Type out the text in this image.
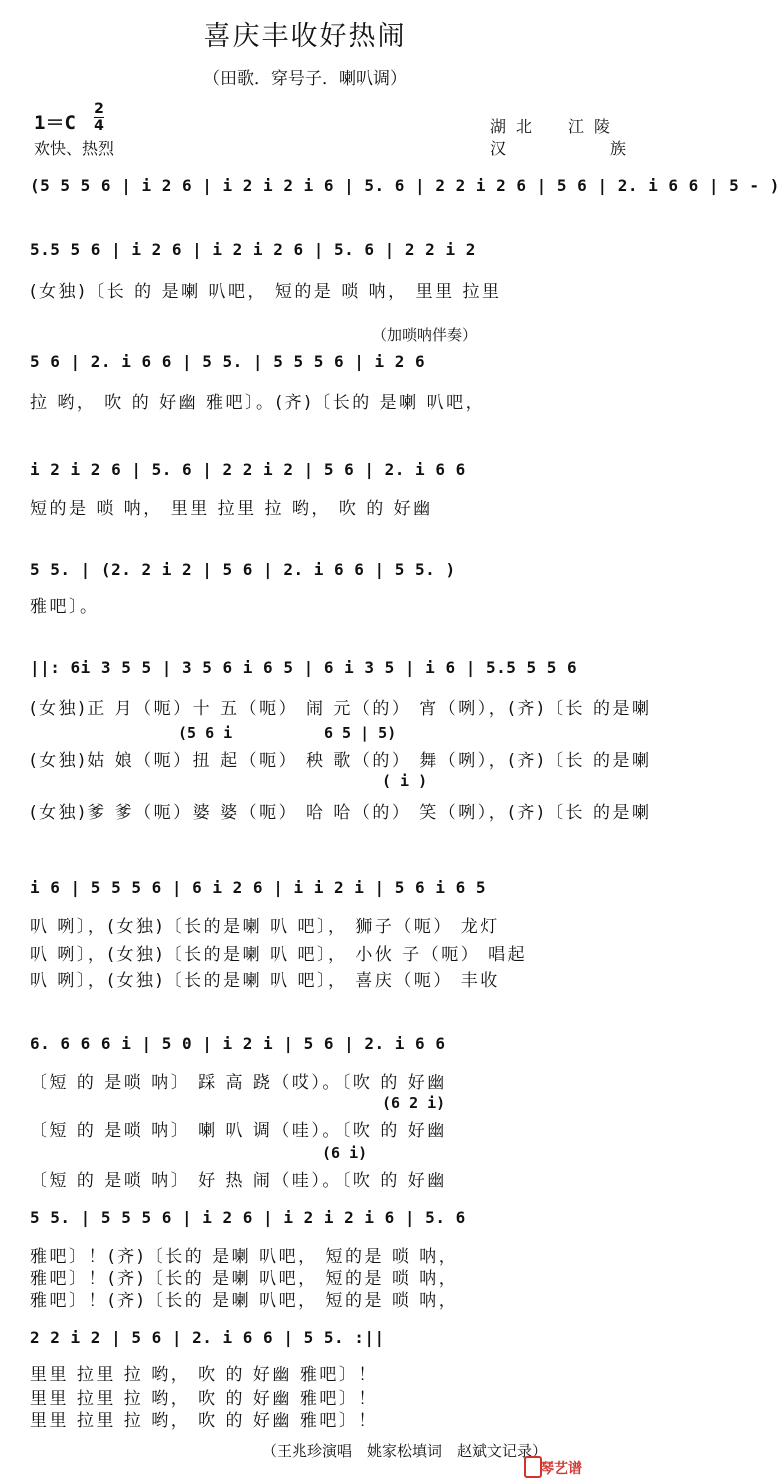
喜庆丰收好热闹
（田歌．穿号子．喇叭调）
1＝C
2
4
欢快、热烈
湖北　江陵
汉　族
(5 5 5 6 | i 2 6 | i 2 i 2 i 6 | 5. 6 | 2 2 i 2 6 | 5 6 | 2. i 6 6 | 5 - )
5.5 5 6 | i 2 6 | i 2 i 2 6 | 5. 6 | 2 2 i 2
(女独)〔长 的 是喇 叭吧， 短的是 唢 呐， 里里 拉里
（加唢呐伴奏）
5 6 | 2. i 6 6 | 5 5. | 5 5 5 6 | i 2 6
拉 哟， 吹 的 好幽 雅吧〕。(齐)〔长的 是喇 叭吧，
i 2 i 2 6 | 5. 6 | 2 2 i 2 | 5 6 | 2. i 6 6
短的是 唢 呐， 里里 拉里 拉 哟， 吹 的 好幽
5 5. | (2. 2 i 2 | 5 6 | 2. i 6 6 | 5 5. )
雅吧〕。
||: 6i 3 5 5 | 3 5 6 i 6 5 | 6 i 3 5 | i 6 | 5.5 5 5 6
(女独)正 月（呃）十 五（呃） 闹 元（的） 宵（咧），(齐)〔长 的是喇
(5 6 i	6 5 | 5)
(女独)姑 娘（呃）扭 起（呃） 秧 歌（的） 舞（咧），(齐)〔长 的是喇
( i )
(女独)爹 爹（呃）婆 婆（呃） 哈 哈（的） 笑（咧），(齐)〔长 的是喇
i 6 | 5 5 5 6 | 6 i 2 6 | i i 2 i | 5 6 i 6 5
叭 咧〕，(女独)〔长的是喇 叭 吧〕， 狮子（呃） 龙灯
叭 咧〕，(女独)〔长的是喇 叭 吧〕， 小伙 子（呃） 唱起
叭 咧〕，(女独)〔长的是喇 叭 吧〕， 喜庆（呃） 丰收
6. 6 6 6 i | 5 0 | i 2 i | 5 6 | 2. i 6 6
〔短 的 是唢 呐〕 踩 高 跷（哎）。〔吹 的 好幽
(6 2 i)
〔短 的 是唢 呐〕 喇 叭 调（哇）。〔吹 的 好幽
(6 i)
〔短 的 是唢 呐〕 好 热 闹（哇）。〔吹 的 好幽
5 5. | 5 5 5 6 | i 2 6 | i 2 i 2 i 6 | 5. 6
雅吧〕！(齐)〔长的 是喇 叭吧， 短的是 唢 呐，
雅吧〕！(齐)〔长的 是喇 叭吧， 短的是 唢 呐，
雅吧〕！(齐)〔长的 是喇 叭吧， 短的是 唢 呐，
2 2 i 2 | 5 6 | 2. i 6 6 | 5 5. :||
里里 拉里 拉 哟， 吹 的 好幽 雅吧〕！
里里 拉里 拉 哟， 吹 的 好幽 雅吧〕！
里里 拉里 拉 哟， 吹 的 好幽 雅吧〕！
（王兆珍演唱　姚家松填词　赵斌文记录）
琴艺谱
